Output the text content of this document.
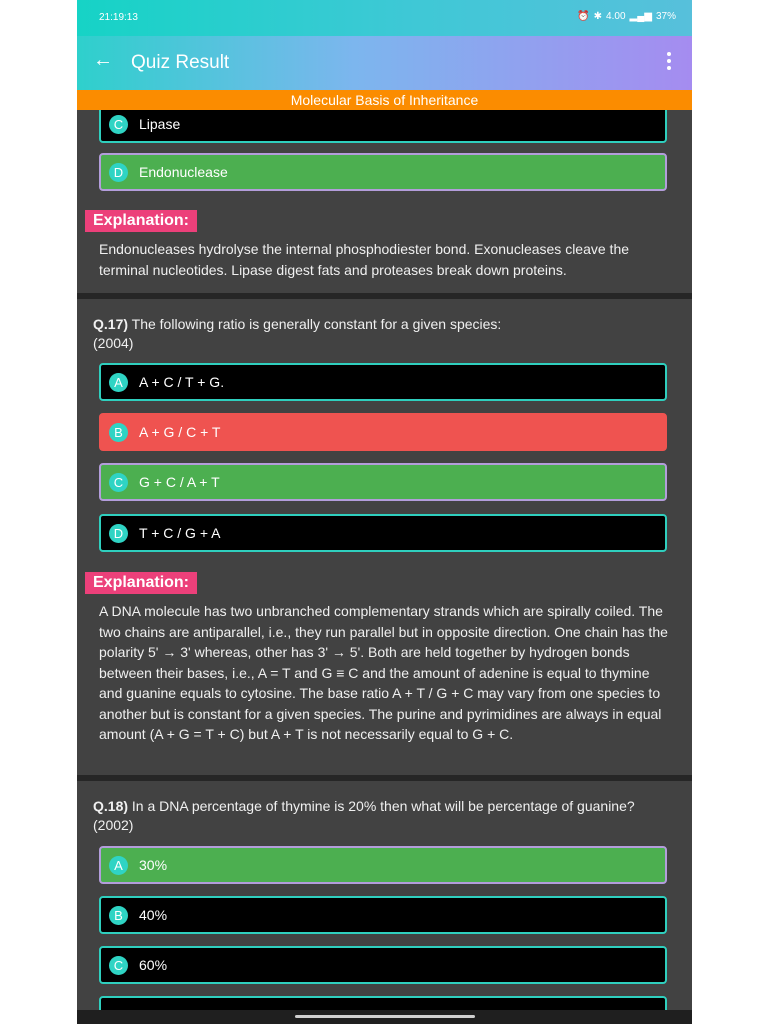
21:19:13	⏰ ✱ 4.00 ▂▄▆ 37%
← Quiz Result
Molecular Basis of Inheritance
C	Lipase
D	Endonuclease
Explanation:
Endonucleases hydrolyse the internal phosphodiester bond. Exonucleases cleave the terminal nucleotides. Lipase digest fats and proteases break down proteins.
Q.17) The following ratio is generally constant for a given species:
(2004)
A	A + C / T + G.
B	A + G / C + T
C	G + C / A + T
D	T + C / G + A
Explanation:
A DNA molecule has two unbranched complementary strands which are spirally coiled. The two chains are antiparallel, i.e., they run parallel but in opposite direction. One chain has the polarity 5' → 3' whereas, other has 3' → 5'. Both are held together by hydrogen bonds between their bases, i.e., A = T and G ≡ C and the amount of adenine is equal to thymine and guanine equals to cytosine. The base ratio A + T / G + C may vary from one species to another but is constant for a given species. The purine and pyrimidines are always in equal amount (A + G = T + C) but A + T is not necessarily equal to G + C.
Q.18) In a DNA percentage of thymine is 20% then what will be percentage of guanine?
(2002)
A	30%
B	40%
C	60%
